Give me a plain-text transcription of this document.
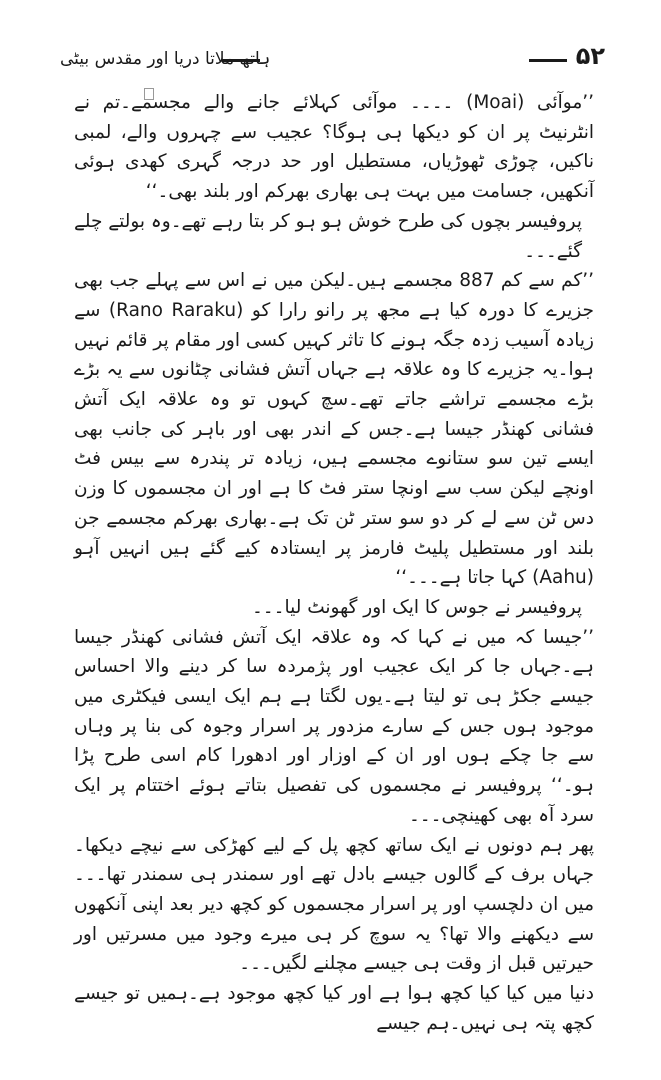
۵۲
ہاتھ ملاتا دریا اور مقدس بیٹی

’’موآئی (Moai) ۔۔۔۔ موآئی کہلائے جانے والے مجسمے۔تم نے انٹرنیٹ پر ان کو دیکھا ہی ہوگا؟ عجیب سے چہروں والے، لمبی ناکیں، چوڑی ٹھوڑیاں، مستطیل اور حد درجہ گہری کھدی ہوئی آنکھیں، جسامت میں بہت ہی بھاری بھرکم اور بلند بھی۔‘‘

پروفیسر بچوں کی طرح خوش ہو ہو کر بتا رہے تھے۔وہ بولتے چلے گئے۔۔۔

’’کم سے کم 887 مجسمے ہیں۔لیکن میں نے اس سے پہلے جب بھی جزیرے کا دورہ کیا ہے مجھ پر رانو رارا کو (Rano Raraku) سے زیادہ آسیب زدہ جگہ ہونے کا تاثر کہیں کسی اور مقام پر قائم نہیں ہوا۔یہ جزیرے کا وہ علاقہ ہے جہاں آتش فشانی چٹانوں سے یہ بڑے بڑے مجسمے تراشے جاتے تھے۔سچ کہوں تو وہ علاقہ ایک آتش فشانی کھنڈر جیسا ہے۔جس کے اندر بھی اور باہر کی جانب بھی ایسے تین سو ستانوے مجسمے ہیں، زیادہ تر پندرہ سے بیس فٹ اونچے لیکن سب سے اونچا ستر فٹ کا ہے اور ان مجسموں کا وزن دس ٹن سے لے کر دو سو ستر ٹن تک ہے۔بھاری بھرکم مجسمے جن بلند اور مستطیل پلیٹ فارمز پر ایستادہ کیے گئے ہیں انہیں آہو (Aahu) کہا جاتا ہے۔۔۔‘‘

پروفیسر نے جوس کا ایک اور گھونٹ لیا۔۔۔

’’جیسا کہ میں نے کہا کہ وہ علاقہ ایک آتش فشانی کھنڈر جیسا ہے۔جہاں جا کر ایک عجیب اور پژمردہ سا کر دینے والا احساس جیسے جکڑ ہی تو لیتا ہے۔یوں لگتا ہے ہم ایک ایسی فیکٹری میں موجود ہوں جس کے سارے مزدور پر اسرار وجوہ کی بنا پر وہاں سے جا چکے ہوں اور ان کے اوزار اور ادھورا کام اسی طرح پڑا ہو۔‘‘ پروفیسر نے مجسموں کی تفصیل بتاتے ہوئے اختتام پر ایک سرد آہ بھی کھینچی۔۔۔

پھر ہم دونوں نے ایک ساتھ کچھ پل کے لیے کھڑکی سے نیچے دیکھا۔جہاں برف کے گالوں جیسے بادل تھے اور سمندر ہی سمندر تھا۔۔۔ میں ان دلچسپ اور پر اسرار مجسموں کو کچھ دیر بعد اپنی آنکھوں سے دیکھنے والا تھا؟ یہ سوچ کر ہی میرے وجود میں مسرتیں اور حیرتیں قبل از وقت ہی جیسے مچلنے لگیں۔۔۔

دنیا میں کیا کیا کچھ ہوا ہے اور کیا کچھ موجود ہے۔ہمیں تو جیسے کچھ پتہ ہی نہیں۔ہم جیسے
